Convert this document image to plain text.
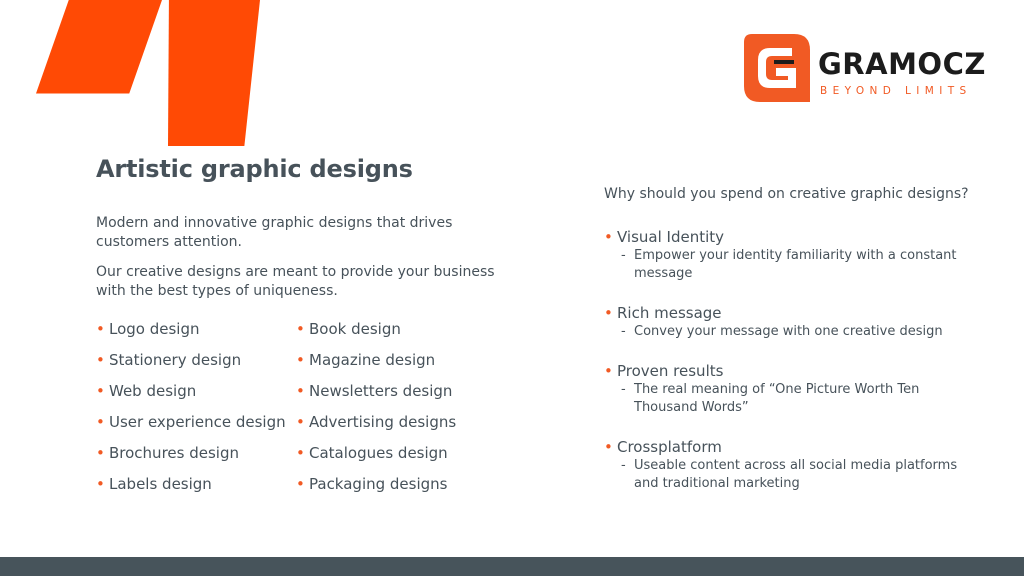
GRAMOCZ
BEYOND LIMITS
Artistic graphic designs

Modern and innovative graphic designs that drives customers attention.

Our creative designs are meant to provide your business with the best types of uniqueness.

• Logo design
• Stationery design
• Web design
• User experience design
• Brochures design
• Labels design
• Book design
• Magazine design
• Newsletters design
• Advertising designs
• Catalogues design
• Packaging designs

Why should you spend on creative graphic designs?

• Visual Identity
- Empower your identity familiarity with a constant message
• Rich message
- Convey your message with one creative design
• Proven results
- The real meaning of “One Picture Worth Ten Thousand Words”
• Crossplatform
- Useable content across all social media platforms and traditional marketing
